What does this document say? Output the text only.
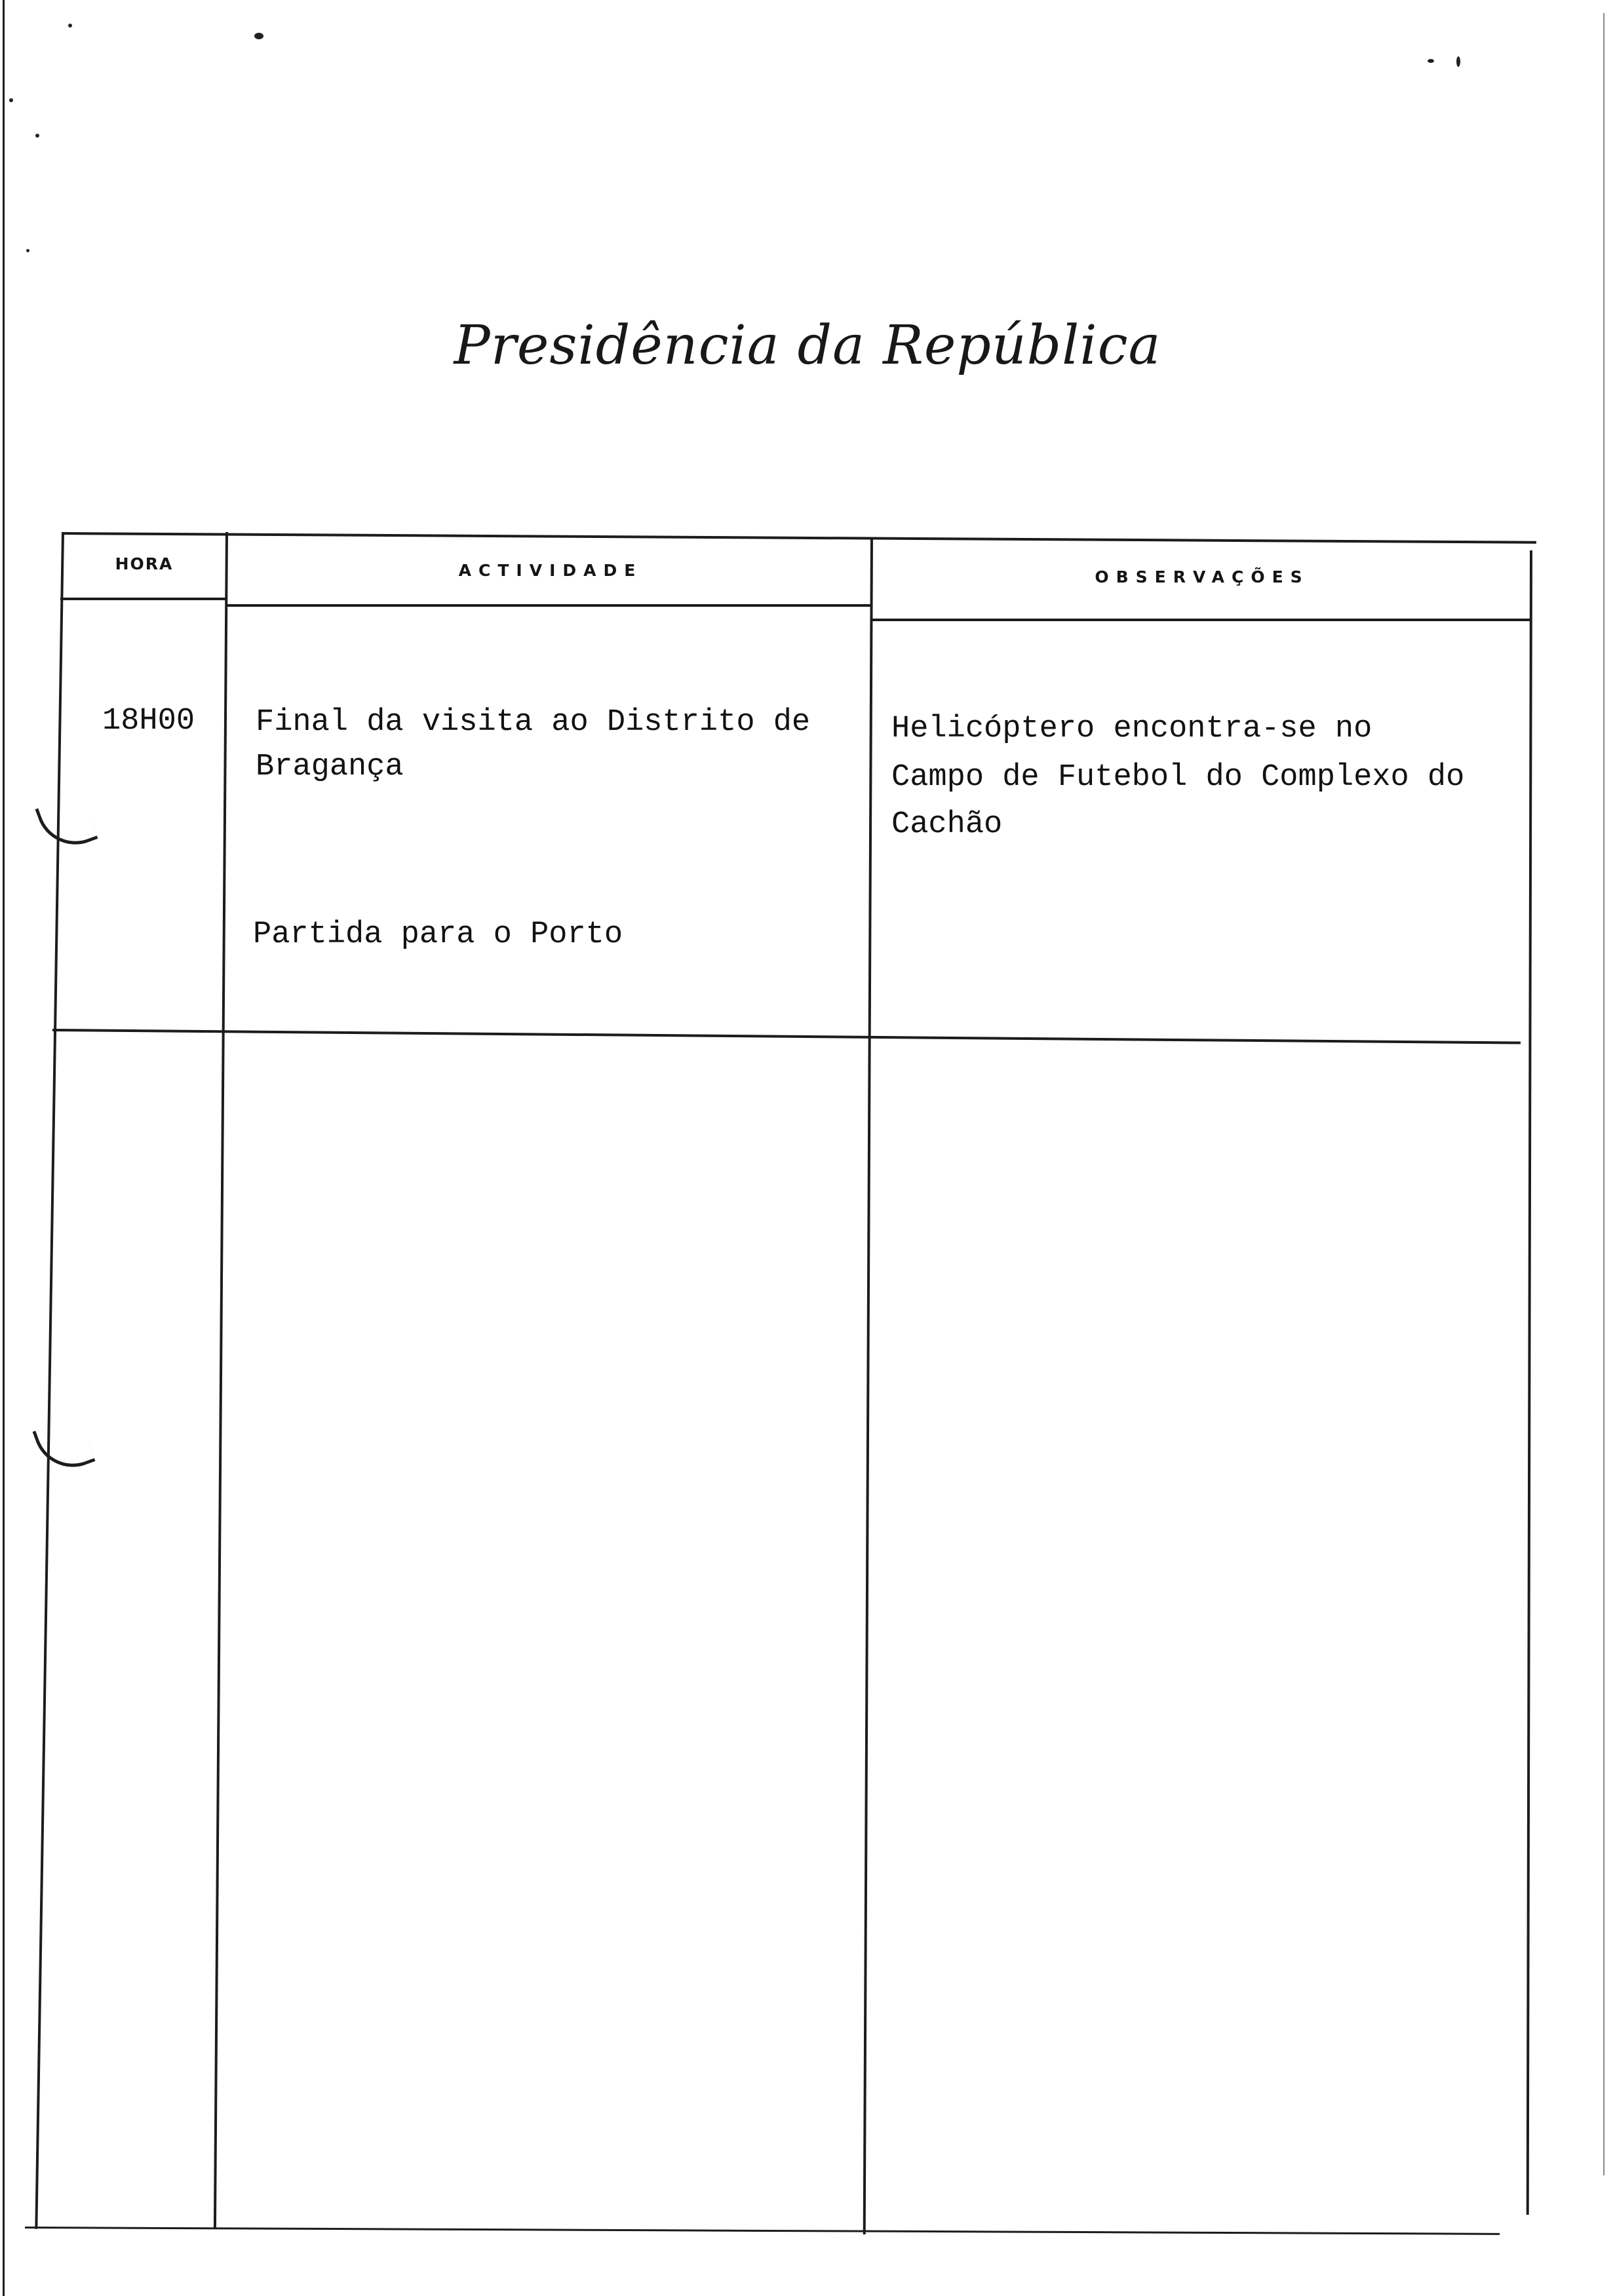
Presidência da República
HORA	ACTIVIDADE	OBSERVAÇÕES
18H00 Final da visita ao Distrito de
Bragança
Partida para o Porto
Helicóptero encontra-se no
Campo de Futebol do Complexo do
Cachão
